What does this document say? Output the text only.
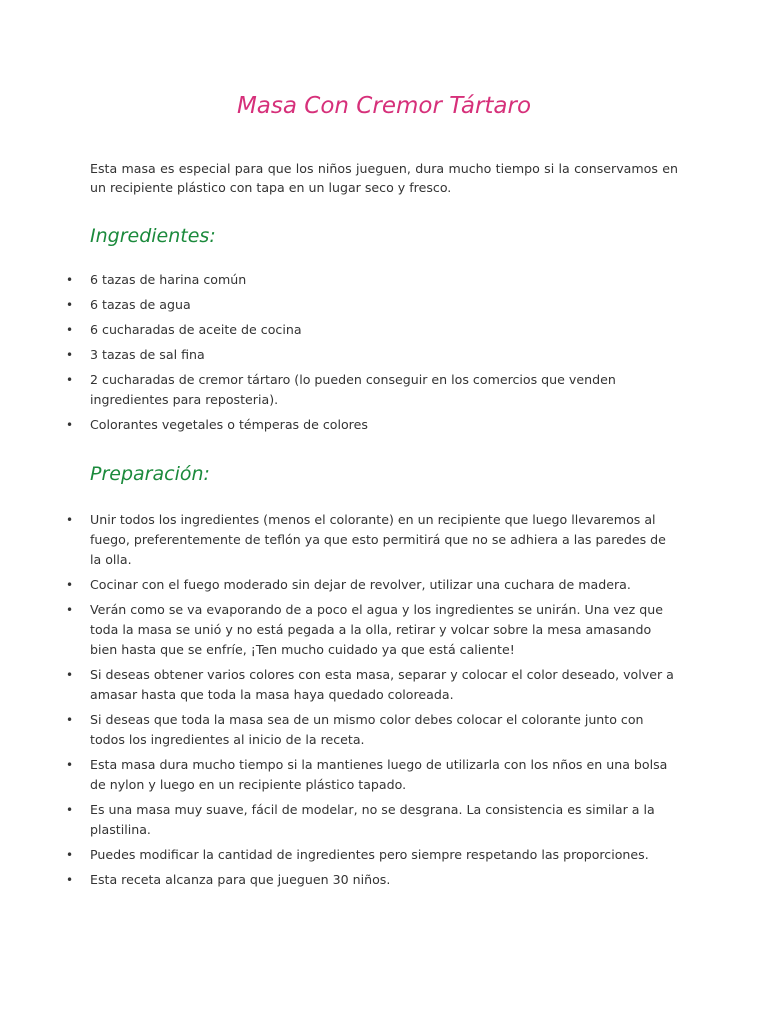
Masa Con Cremor Tártaro

Esta masa es especial para que los niños jueguen, dura mucho tiempo si la conservamos en un recipiente plástico con tapa en un lugar seco y fresco.

Ingredientes:
• 6 tazas de harina común
• 6 tazas de agua
• 6 cucharadas de aceite de cocina
• 3 tazas de sal fina
• 2 cucharadas de cremor tártaro (lo pueden conseguir en los comercios que venden ingredientes para reposteria).
• Colorantes vegetales o témperas de colores
Preparación:
• Unir todos los ingredientes (menos el colorante) en un recipiente que luego llevaremos al fuego, preferentemente de teflón ya que esto permitirá que no se adhiera a las paredes de la olla.
• Cocinar con el fuego moderado sin dejar de revolver, utilizar una cuchara de madera.
• Verán como se va evaporando de a poco el agua y los ingredientes se unirán. Una vez que toda la masa se unió y no está pegada a la olla, retirar y volcar sobre la mesa amasando bien hasta que se enfríe, ¡Ten mucho cuidado ya que está caliente!
• Si deseas obtener varios colores con esta masa, separar y colocar el color deseado, volver a amasar hasta que toda la masa haya quedado coloreada.
• Si deseas que toda la masa sea de un mismo color debes colocar el colorante junto con todos los ingredientes al inicio de la receta.
• Esta masa dura mucho tiempo si la mantienes luego de utilizarla con los nños en una bolsa de nylon y luego en un recipiente plástico tapado.
• Es una masa muy suave, fácil de modelar, no se desgrana. La consistencia es similar a la plastilina.
• Puedes modificar la cantidad de ingredientes pero siempre respetando las proporciones.
• Esta receta alcanza para que jueguen 30 niños.
